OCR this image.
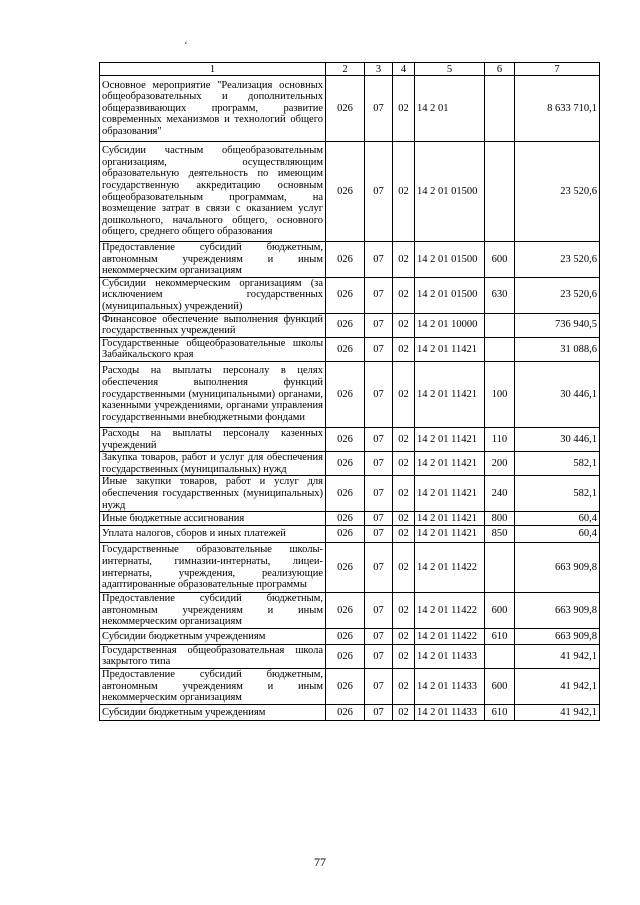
ʻ
1	2	3	4	5	6	7
Основное мероприятие "Реализация основных общеобразовательных и дополнительных общеразвивающих программ, развитие современных механизмов и технологий общего образования"	026	07	02	14 2 01		8 633 710,1
Субсидии частным общеобразовательным организациям, осуществляющим образовательную деятельность по имеющим государственную аккредитацию основным общеобразовательным программам, на возмещение затрат в связи с оказанием услуг дошкольного, начального общего, основного общего, среднего общего образования	026	07	02	14 2 01 01500		23 520,6
Предоставление субсидий бюджетным, автономным учреждениям и иным некоммерческим организациям	026	07	02	14 2 01 01500	600	23 520,6
Субсидии некоммерческим организациям (за исключением государственных (муниципальных) учреждений)	026	07	02	14 2 01 01500	630	23 520,6
Финансовое обеспечение выполнения функций государственных учреждений	026	07	02	14 2 01 10000		736 940,5
Государственные общеобразовательные школы Забайкальского края	026	07	02	14 2 01 11421		31 088,6
Расходы на выплаты персоналу в целях обеспечения выполнения функций государственными (муниципальными) органами, казенными учреждениями, органами управления государственными внебюджетными фондами	026	07	02	14 2 01 11421	100	30 446,1
Расходы на выплаты персоналу казенных учреждений	026	07	02	14 2 01 11421	110	30 446,1
Закупка товаров, работ и услуг для обеспечения государственных (муниципальных) нужд	026	07	02	14 2 01 11421	200	582,1
Иные закупки товаров, работ и услуг для обеспечения государственных (муниципальных) нужд	026	07	02	14 2 01 11421	240	582,1
Иные бюджетные ассигнования	026	07	02	14 2 01 11421	800	60,4
Уплата налогов, сборов и иных платежей	026	07	02	14 2 01 11421	850	60,4
Государственные образовательные школы-интернаты, гимназии-интернаты, лицеи-интернаты, учреждения, реализующие адаптированные образовательные программы	026	07	02	14 2 01 11422		663 909,8
Предоставление субсидий бюджетным, автономным учреждениям и иным некоммерческим организациям	026	07	02	14 2 01 11422	600	663 909,8
Субсидии бюджетным учреждениям	026	07	02	14 2 01 11422	610	663 909,8
Государственная общеобразовательная школа закрытого типа	026	07	02	14 2 01 11433		41 942,1
Предоставление субсидий бюджетным, автономным учреждениям и иным некоммерческим организациям	026	07	02	14 2 01 11433	600	41 942,1
Субсидии бюджетным учреждениям	026	07	02	14 2 01 11433	610	41 942,1
77
